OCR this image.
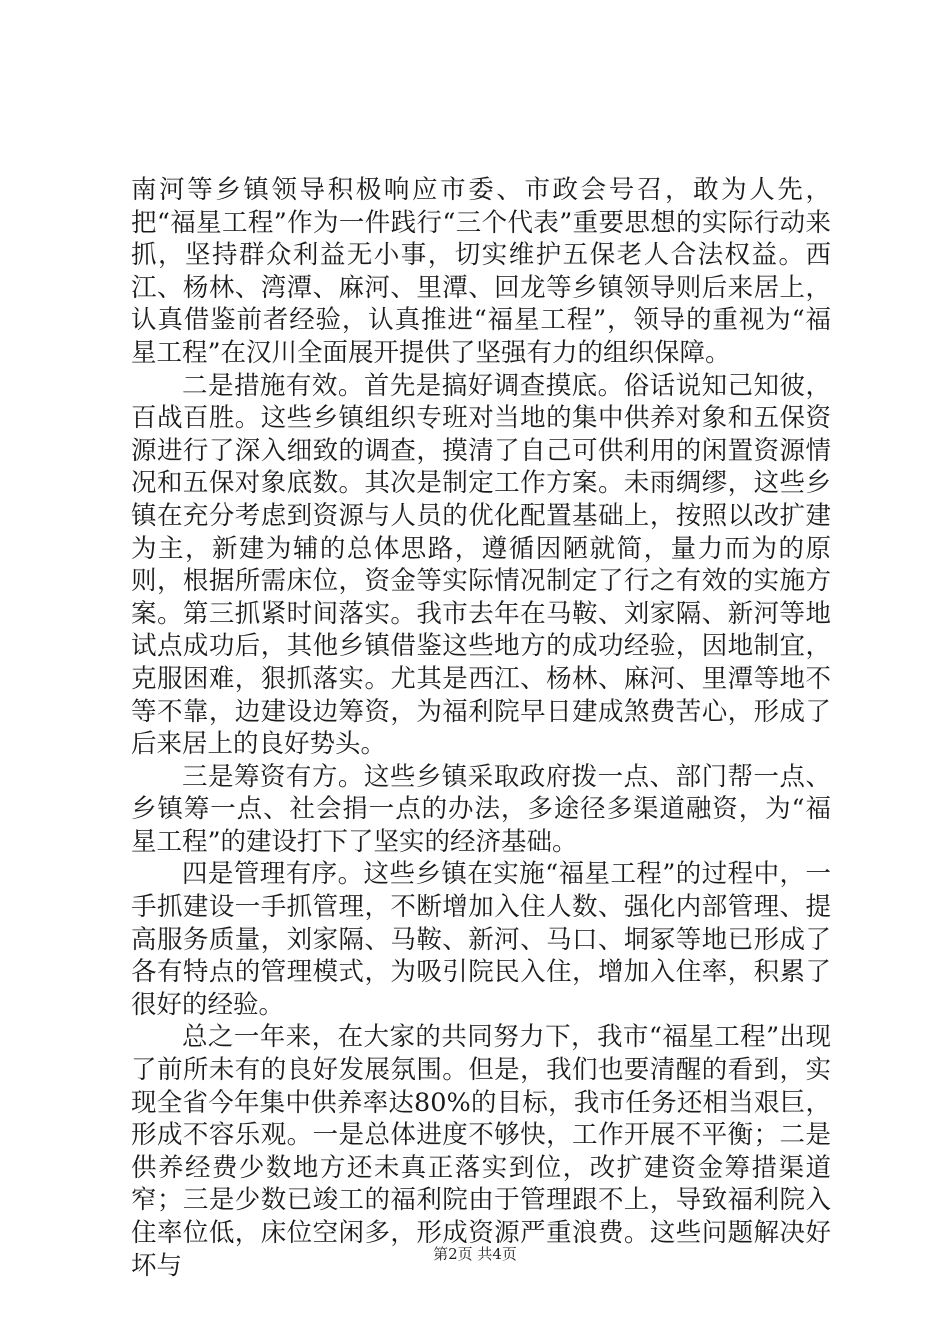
南河等乡镇领导积极响应市委、市政会号召，敢为人先，把“福星工程”作为一件践行“三个代表”重要思想的实际行动来抓，坚持群众利益无小事，切实维护五保老人合法权益。西江、杨林、湾潭、麻河、里潭、回龙等乡镇领导则后来居上，认真借鉴前者经验，认真推进“福星工程”，领导的重视为“福星工程”在汉川全面展开提供了坚强有力的组织保障。

二是措施有效。首先是搞好调查摸底。俗话说知己知彼，百战百胜。这些乡镇组织专班对当地的集中供养对象和五保资源进行了深入细致的调查，摸清了自己可供利用的闲置资源情况和五保对象底数。其次是制定工作方案。未雨绸缪，这些乡镇在充分考虑到资源与人员的优化配置基础上，按照以改扩建为主，新建为辅的总体思路，遵循因陋就简，量力而为的原则，根据所需床位，资金等实际情况制定了行之有效的实施方案。第三抓紧时间落实。我市去年在马鞍、刘家隔、新河等地试点成功后，其他乡镇借鉴这些地方的成功经验，因地制宜，克服困难，狠抓落实。尤其是西江、杨林、麻河、里潭等地不等不靠，边建设边筹资，为福利院早日建成煞费苦心，形成了后来居上的良好势头。

三是筹资有方。这些乡镇采取政府拨一点、部门帮一点、乡镇筹一点、社会捐一点的办法，多途径多渠道融资，为“福星工程”的建设打下了坚实的经济基础。

四是管理有序。这些乡镇在实施“福星工程”的过程中，一手抓建设一手抓管理，不断增加入住人数、强化内部管理、提高服务质量，刘家隔、马鞍、新河、马口、垌冢等地已形成了各有特点的管理模式，为吸引院民入住，增加入住率，积累了很好的经验。

总之一年来，在大家的共同努力下，我市“福星工程”出现了前所未有的良好发展氛围。但是，我们也要清醒的看到，实现全省今年集中供养率达80%的目标，我市任务还相当艰巨，形成不容乐观。一是总体进度不够快，工作开展不平衡；二是供养经费少数地方还未真正落实到位，改扩建资金筹措渠道窄；三是少数已竣工的福利院由于管理跟不上，导致福利院入住率位低，床位空闲多，形成资源严重浪费。这些问题解决好坏与	第2页 共4页
